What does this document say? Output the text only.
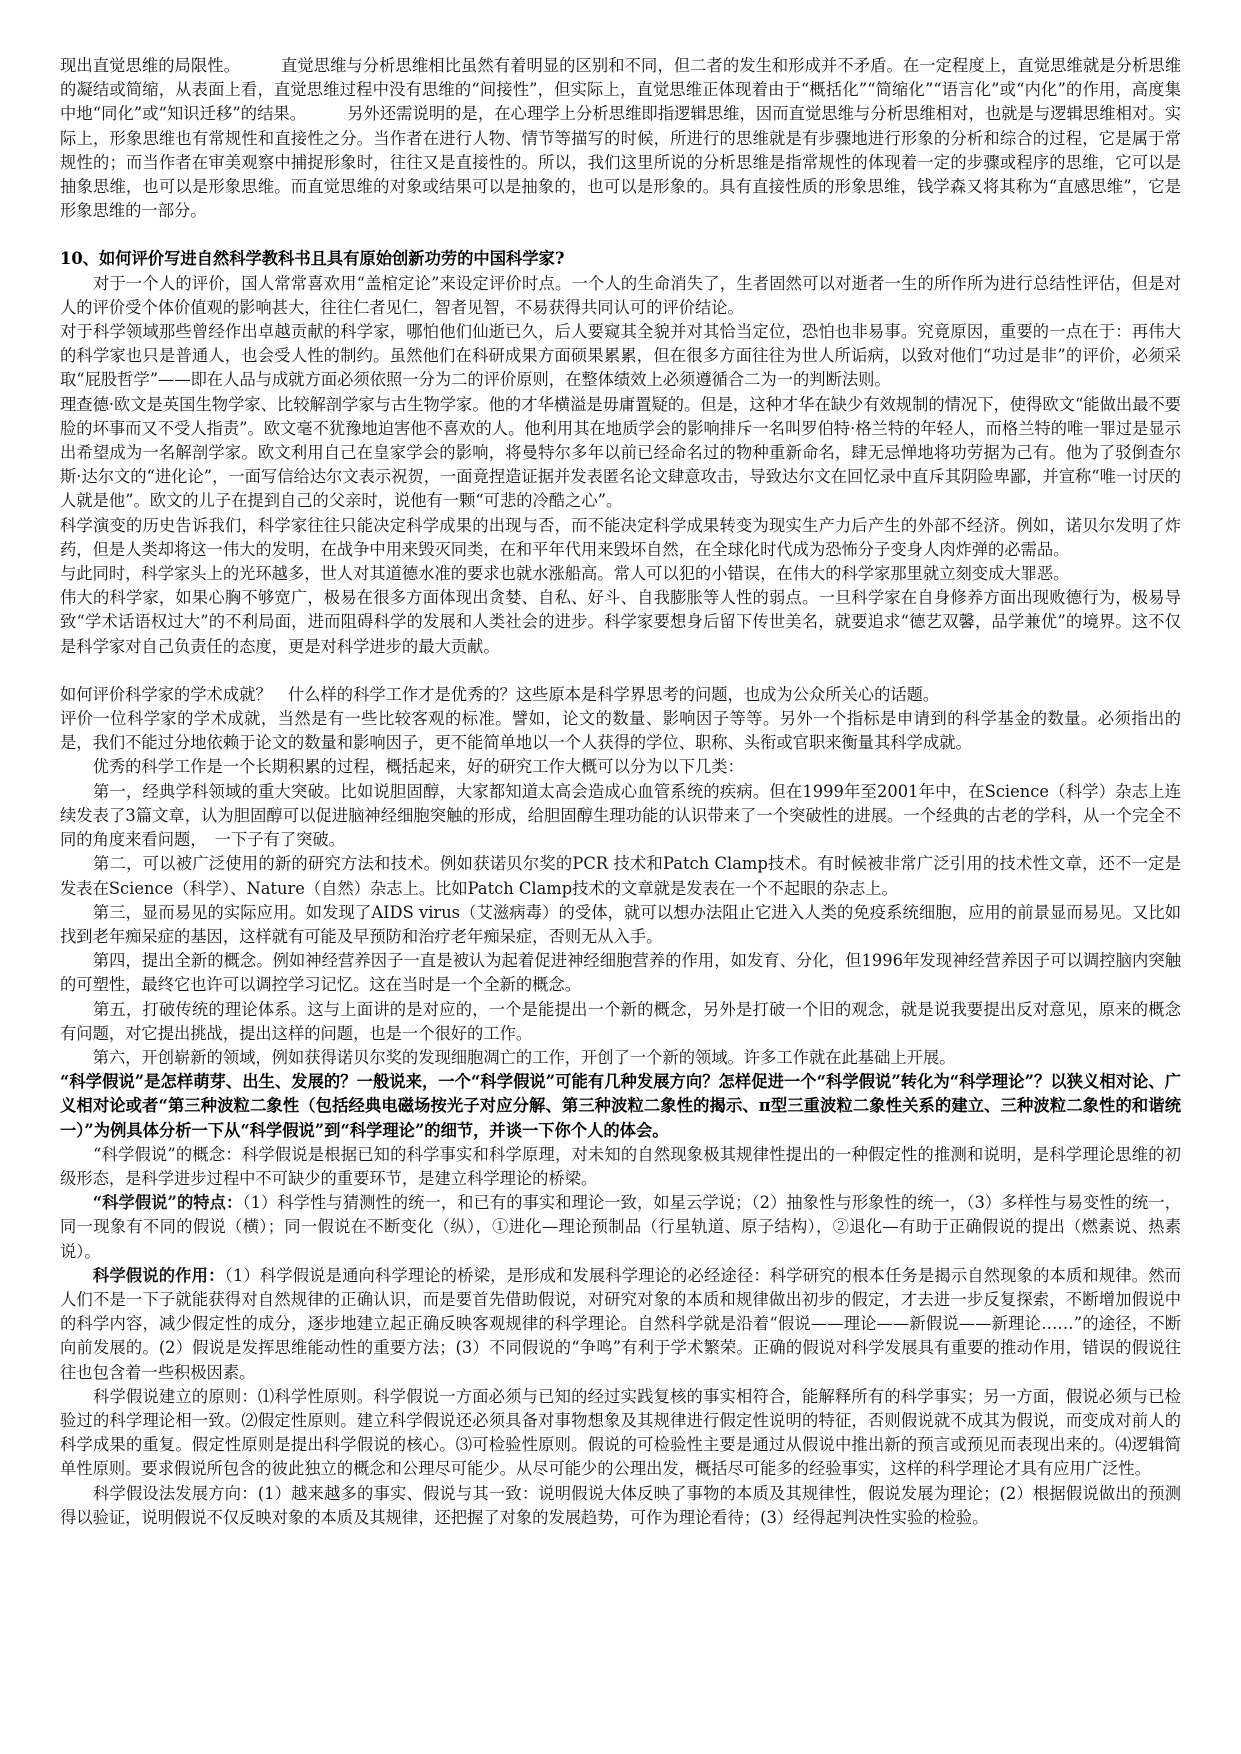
现出直觉思维的局限性。　　　直觉思维与分析思维相比虽然有着明显的区别和不同，但二者的发生和形成并不矛盾。在一定程度上，直觉思维就是分析思维的凝结或简缩，从表面上看，直觉思维过程中没有思维的“间接性”，但实际上，直觉思维正体现着由于“概括化”“简缩化”“语言化”或“内化”的作用，高度集中地“同化”或“知识迁移”的结果。　　　另外还需说明的是，在心理学上分析思维即指逻辑思维，因而直觉思维与分析思维相对，也就是与逻辑思维相对。实际上，形象思维也有常规性和直接性之分。当作者在进行人物、情节等描写的时候，所进行的思维就是有步骤地进行形象的分析和综合的过程，它是属于常规性的；而当作者在审美观察中捕捉形象时，往往又是直接性的。所以，我们这里所说的分析思维是指常规性的体现着一定的步骤或程序的思维，它可以是抽象思维，也可以是形象思维。而直觉思维的对象或结果可以是抽象的，也可以是形象的。具有直接性质的形象思维，钱学森又将其称为“直感思维”，它是形象思维的一部分。

10、如何评价写进自然科学教科书且具有原始创新功劳的中国科学家?

　　对于一个人的评价，国人常常喜欢用“盖棺定论”来设定评价时点。一个人的生命消失了，生者固然可以对逝者一生的所作所为进行总结性评估，但是对人的评价受个体价值观的影响甚大，往往仁者见仁，智者见智，不易获得共同认可的评价结论。

对于科学领域那些曾经作出卓越贡献的科学家，哪怕他们仙逝已久，后人要窥其全貌并对其恰当定位，恐怕也非易事。究竟原因，重要的一点在于：再伟大的科学家也只是普通人，也会受人性的制约。虽然他们在科研成果方面硕果累累，但在很多方面往往为世人所诟病，以致对他们“功过是非”的评价，必须采取“屁股哲学”——即在人品与成就方面必须依照一分为二的评价原则，在整体绩效上必须遵循合二为一的判断法则。

理查德·欧文是英国生物学家、比较解剖学家与古生物学家。他的才华横溢是毋庸置疑的。但是，这种才华在缺少有效规制的情况下，使得欧文“能做出最不要脸的坏事而又不受人指责”。欧文毫不犹豫地迫害他不喜欢的人。他利用其在地质学会的影响排斥一名叫罗伯特·格兰特的年轻人，而格兰特的唯一罪过是显示出希望成为一名解剖学家。欧文利用自己在皇家学会的影响，将曼特尔多年以前已经命名过的物种重新命名，肆无忌惮地将功劳据为己有。他为了驳倒查尔斯·达尔文的“进化论”，一面写信给达尔文表示祝贺，一面竟捏造证据并发表匿名论文肆意攻击，导致达尔文在回忆录中直斥其阴险卑鄙，并宣称“唯一讨厌的人就是他”。欧文的儿子在提到自己的父亲时，说他有一颗“可悲的冷酷之心”。

科学演变的历史告诉我们，科学家往往只能决定科学成果的出现与否，而不能决定科学成果转变为现实生产力后产生的外部不经济。例如，诺贝尔发明了炸药，但是人类却将这一伟大的发明，在战争中用来毁灭同类，在和平年代用来毁坏自然，在全球化时代成为恐怖分子变身人肉炸弹的必需品。

与此同时，科学家头上的光环越多，世人对其道德水准的要求也就水涨船高。常人可以犯的小错误，在伟大的科学家那里就立刻变成大罪恶。

伟大的科学家，如果心胸不够宽广，极易在很多方面体现出贪婪、自私、好斗、自我膨胀等人性的弱点。一旦科学家在自身修养方面出现败德行为，极易导致“学术话语权过大”的不利局面，进而阻碍科学的发展和人类社会的进步。科学家要想身后留下传世美名，就要追求“德艺双馨，品学兼优”的境界。这不仅是科学家对自己负责任的态度，更是对科学进步的最大贡献。

如何评价科学家的学术成就？　什么样的科学工作才是优秀的？这些原本是科学界思考的问题，也成为公众所关心的话题。

评价一位科学家的学术成就，当然是有一些比较客观的标准。譬如，论文的数量、影响因子等等。另外一个指标是申请到的科学基金的数量。必须指出的是，我们不能过分地依赖于论文的数量和影响因子，更不能简单地以一个人获得的学位、职称、头衔或官职来衡量其科学成就。

　　优秀的科学工作是一个长期积累的过程，概括起来，好的研究工作大概可以分为以下几类：

　　第一，经典学科领域的重大突破。比如说胆固醇，大家都知道太高会造成心血管系统的疾病。但在1999年至2001年中，在Science（科学）杂志上连续发表了3篇文章，认为胆固醇可以促进脑神经细胞突触的形成，给胆固醇生理功能的认识带来了一个突破性的进展。一个经典的古老的学科，从一个完全不同的角度来看问题，　一下子有了突破。

　　第二，可以被广泛使用的新的研究方法和技术。例如获诺贝尔奖的PCR 技术和Patch Clamp技术。有时候被非常广泛引用的技术性文章，还不一定是发表在Science（科学）、Nature（自然）杂志上。比如Patch Clamp技术的文章就是发表在一个不起眼的杂志上。

　　第三，显而易见的实际应用。如发现了AIDS virus（艾滋病毒）的受体，就可以想办法阻止它进入人类的免疫系统细胞，应用的前景显而易见。又比如找到老年痴呆症的基因，这样就有可能及早预防和治疗老年痴呆症，否则无从入手。

　　第四，提出全新的概念。例如神经营养因子一直是被认为起着促进神经细胞营养的作用，如发育、分化，但1996年发现神经营养因子可以调控脑内突触的可塑性，最终它也许可以调控学习记忆。这在当时是一个全新的概念。

　　第五，打破传统的理论体系。这与上面讲的是对应的，一个是能提出一个新的概念，另外是打破一个旧的观念，就是说我要提出反对意见，原来的概念有问题，对它提出挑战，提出这样的问题，也是一个很好的工作。

　　第六，开创崭新的领域，例如获得诺贝尔奖的发现细胞凋亡的工作，开创了一个新的领域。许多工作就在此基础上开展。

“科学假说”是怎样萌芽、出生、发展的？一般说来，一个“科学假说”可能有几种发展方向？怎样促进一个“科学假说”转化为“科学理论”？以狭义相对论、广义相对论或者“第三种波粒二象性（包括经典电磁场按光子对应分解、第三种波粒二象性的揭示、π型三重波粒二象性关系的建立、三种波粒二象性的和谐统一）”为例具体分析一下从“科学假说”到“科学理论”的细节，并谈一下你个人的体会。

　　“科学假说”的概念：科学假说是根据已知的科学事实和科学原理，对未知的自然现象极其规律性提出的一种假定性的推测和说明，是科学理论思维的初级形态，是科学进步过程中不可缺少的重要环节，是建立科学理论的桥梁。

　　“科学假说”的特点：（1）科学性与猜测性的统一，和已有的事实和理论一致，如星云学说；（2）抽象性与形象性的统一，（3）多样性与易变性的统一，同一现象有不同的假说（横）；同一假说在不断变化（纵），①进化—理论预制品（行星轨道、原子结构），②退化—有助于正确假说的提出（燃素说、热素说）。

　　科学假说的作用：（1）科学假说是通向科学理论的桥梁，是形成和发展科学理论的必经途径：科学研究的根本任务是揭示自然现象的本质和规律。然而人们不是一下子就能获得对自然规律的正确认识，而是要首先借助假说，对研究对象的本质和规律做出初步的假定，才去进一步反复探索，不断增加假说中的科学内容，减少假定性的成分，逐步地建立起正确反映客观规律的科学理论。自然科学就是沿着“假说——理论——新假说——新理论……”的途径，不断向前发展的。(2）假说是发挥思维能动性的重要方法；(3）不同假说的“争鸣”有利于学术繁荣。正确的假说对科学发展具有重要的推动作用，错误的假说往往也包含着一些积极因素。

　　科学假说建立的原则：⑴科学性原则。科学假说一方面必须与已知的经过实践复核的事实相符合，能解释所有的科学事实；另一方面，假说必须与已检验过的科学理论相一致。⑵假定性原则。建立科学假说还必须具备对事物想象及其规律进行假定性说明的特征，否则假说就不成其为假说，而变成对前人的科学成果的重复。假定性原则是提出科学假说的核心。⑶可检验性原则。假说的可检验性主要是通过从假说中推出新的预言或预见而表现出来的。⑷逻辑简单性原则。要求假说所包含的彼此独立的概念和公理尽可能少。从尽可能少的公理出发，概括尽可能多的经验事实，这样的科学理论才具有应用广泛性。

　　科学假设法发展方向：(1）越来越多的事实、假说与其一致：说明假说大体反映了事物的本质及其规律性，假说发展为理论；(2）根据假说做出的预测得以验证，说明假说不仅反映对象的本质及其规律，还把握了对象的发展趋势，可作为理论看待；(3）经得起判决性实验的检验。
